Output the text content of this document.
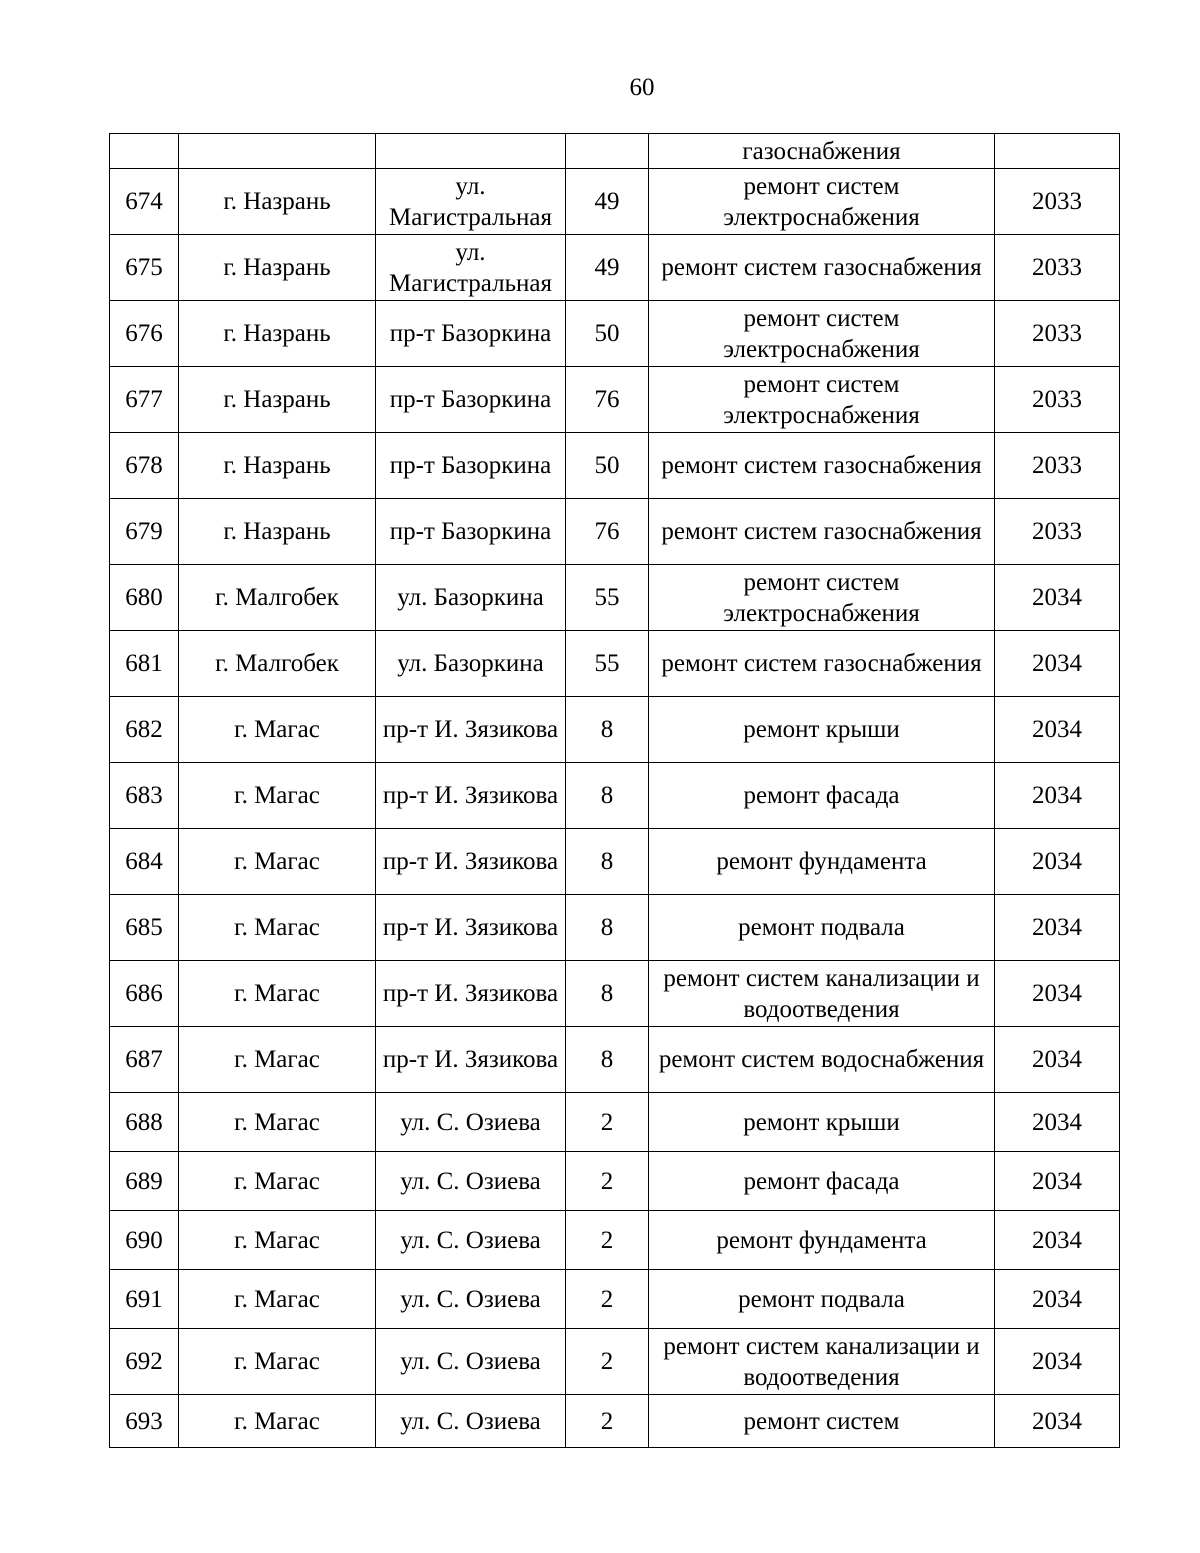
60
				газоснабжения	
674	г. Назрань	ул. Магистральная	49	ремонт систем электроснабжения	2033
675	г. Назрань	ул. Магистральная	49	ремонт систем газоснабжения	2033
676	г. Назрань	пр-т Базоркина	50	ремонт систем электроснабжения	2033
677	г. Назрань	пр-т Базоркина	76	ремонт систем электроснабжения	2033
678	г. Назрань	пр-т Базоркина	50	ремонт систем газоснабжения	2033
679	г. Назрань	пр-т Базоркина	76	ремонт систем газоснабжения	2033
680	г. Малгобек	ул. Базоркина	55	ремонт систем электроснабжения	2034
681	г. Малгобек	ул. Базоркина	55	ремонт систем газоснабжения	2034
682	г. Магас	пр-т И. Зязикова	8	ремонт крыши	2034
683	г. Магас	пр-т И. Зязикова	8	ремонт фасада	2034
684	г. Магас	пр-т И. Зязикова	8	ремонт фундамента	2034
685	г. Магас	пр-т И. Зязикова	8	ремонт подвала	2034
686	г. Магас	пр-т И. Зязикова	8	ремонт систем канализации и водоотведения	2034
687	г. Магас	пр-т И. Зязикова	8	ремонт систем водоснабжения	2034
688	г. Магас	ул. С. Озиева	2	ремонт крыши	2034
689	г. Магас	ул. С. Озиева	2	ремонт фасада	2034
690	г. Магас	ул. С. Озиева	2	ремонт фундамента	2034
691	г. Магас	ул. С. Озиева	2	ремонт подвала	2034
692	г. Магас	ул. С. Озиева	2	ремонт систем канализации и водоотведения	2034
693	г. Магас	ул. С. Озиева	2	ремонт систем	2034
